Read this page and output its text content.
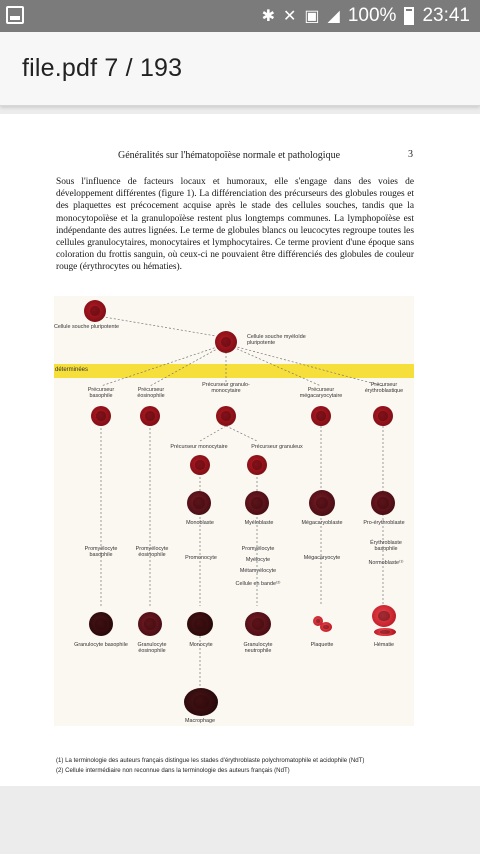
✱ ✕ ▣ ◢ 100% 23:41
file.pdf 7 / 193
Généralités sur l'hématopoïèse normale et pathologique	3
Sous l'influence de facteurs locaux et humoraux, elle s'engage dans des voies de développement différentes (figure 1). La différenciation des précurseurs des globules rouges et des plaquettes est précocement acquise après le stade des cellules souches, tandis que la monocytopoïèse et la granulopoïèse restent plus longtemps communes. La lymphopoïèse est indépendante des autres lignées. Le terme de globules blancs ou leucocytes regroupe toutes les cellules granulocytaires, monocytaires et lymphocytaires. Ce terme provient d'une époque sans coloration du frottis sanguin, où ceux-ci ne pouvaient être différenciés des globules de couleur rouge (érythrocytes ou hématies).
déterminées
Cellule souche pluripotente
Cellule souche myéloïde pluripotente
Précurseur basophile
Précurseur éosinophile
Précurseur granulo-monocytaire	Précurseur mégacaryocytaire
Précurseur érythroblastique
Précurseur monocytaire	Précurseur granuleux
Monoblaste	Myéloblaste	Mégacaryoblaste	Pro-érythroblaste
Promyélocyte basophile
Promyélocyte éosinophile	Promonocyte
Promyélocyte
Myélocyte
Métamyélocyte
Cellule en bande⁽²⁾
Mégacaryocyte
Érythroblaste basophile
Normoblaste⁽¹⁾
Granulocyte basophile	Granulocyte éosinophile
Monocyte	Granulocyte neutrophile
Plaquette	Hématie
Macrophage
(1) La terminologie des auteurs français distingue les stades d'érythroblaste polychromatophile et acidophile (NdT)
(2) Cellule intermédiaire non reconnue dans la terminologie des auteurs français (NdT)
